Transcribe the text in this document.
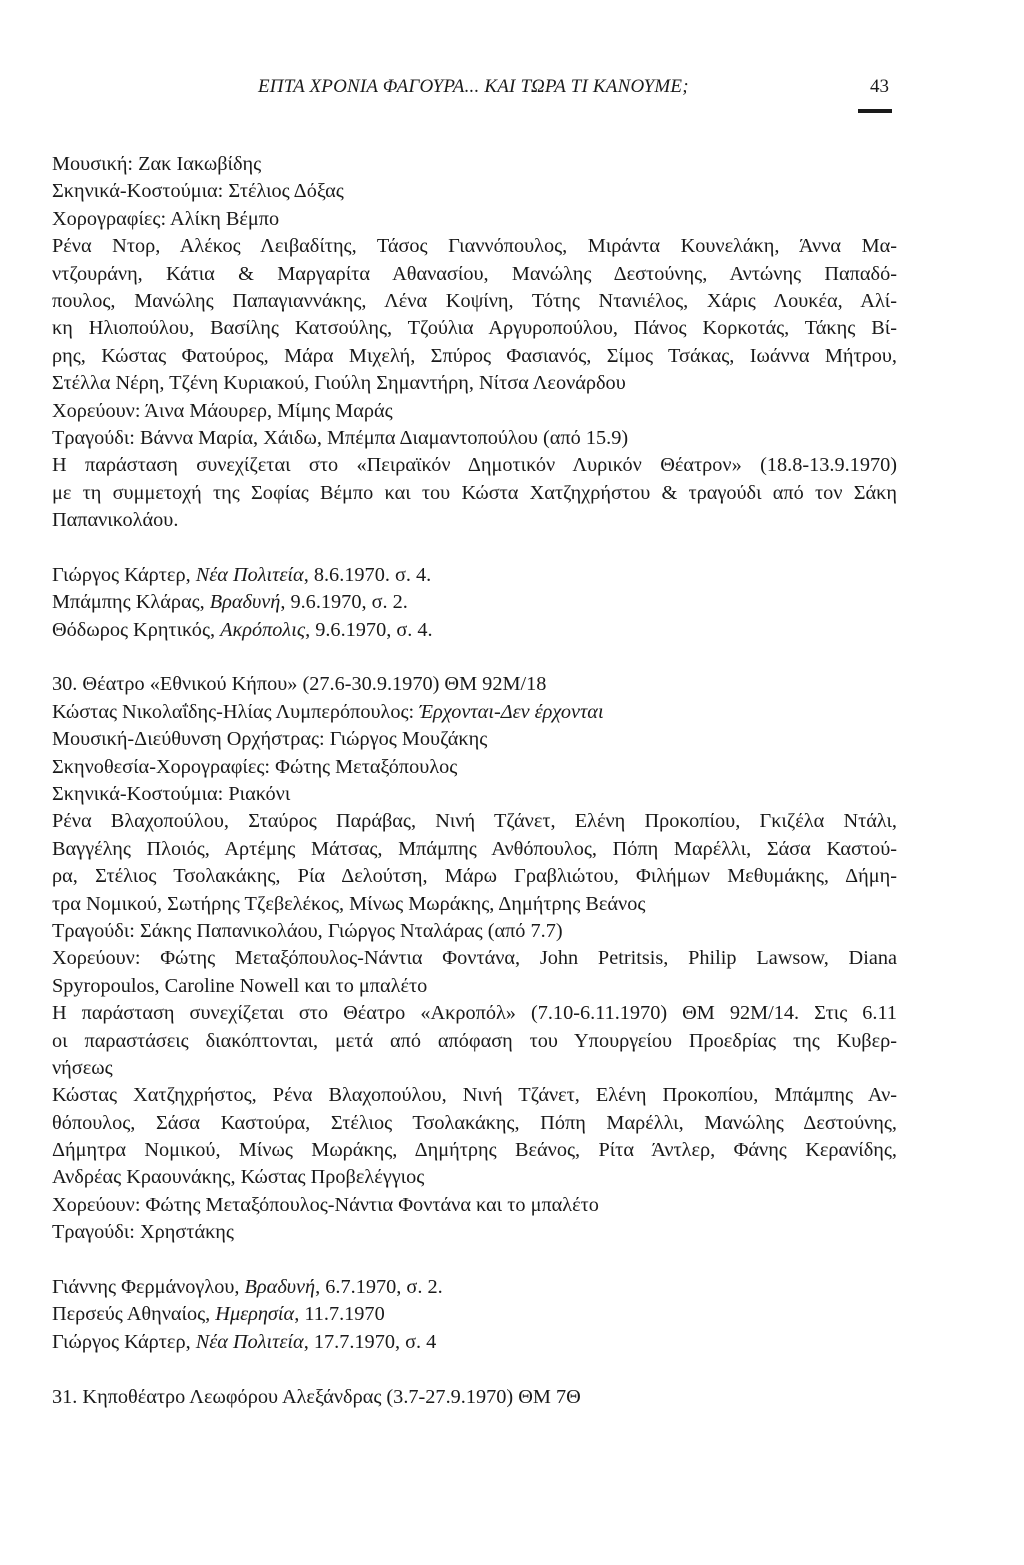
ΕΠΤΑ ΧΡΟΝΙΑ ΦΑΓΟΥΡΑ... ΚΑΙ ΤΩΡΑ ΤΙ ΚΑΝΟΥΜΕ;	43
Μουσική: Ζακ Ιακωβίδης
Σκηνικά-Κοστούμια: Στέλιος Δόξας
Χορογραφίες: Αλίκη Βέμπο
Ρένα Ντορ, Αλέκος Λειβαδίτης, Τάσος Γιαννόπουλος, Μιράντα Κουνελάκη, Άννα Μα-
ντζουράνη, Κάτια & Μαργαρίτα Αθανασίου, Μανώλης Δεστούνης, Αντώνης Παπαδό-
πουλος, Μανώλης Παπαγιαννάκης, Λένα Κοψίνη, Τότης Ντανιέλος, Χάρις Λουκέα, Αλί-
κη Ηλιοπούλου, Βασίλης Κατσούλης, Τζούλια Αργυροπούλου, Πάνος Κορκοτάς, Τάκης Βί-
ρης, Κώστας Φατούρος, Μάρα Μιχελή, Σπύρος Φασιανός, Σίμος Τσάκας, Ιωάννα Μήτρου,
Στέλλα Νέρη, Τζένη Κυριακού, Γιούλη Σημαντήρη, Νίτσα Λεονάρδου
Χορεύουν: Άινα Μάουρερ, Μίμης Μαράς
Τραγούδι: Βάννα Μαρία, Χάιδω, Μπέμπα Διαμαντοπούλου (από 15.9)
Η παράσταση συνεχίζεται στο «Πειραϊκόν Δημοτικόν Λυρικόν Θέατρον» (18.8-13.9.1970)
με τη συμμετοχή της Σοφίας Βέμπο και του Κώστα Χατζηχρήστου & τραγούδι από τον Σάκη
Παπανικολάου.
Γιώργος Κάρτερ, Νέα Πολιτεία, 8.6.1970. σ. 4.
Μπάμπης Κλάρας, Βραδυνή, 9.6.1970, σ. 2.
Θόδωρος Κρητικός, Ακρόπολις, 9.6.1970, σ. 4.
30. Θέατρο «Εθνικού Κήπου» (27.6-30.9.1970) ΘΜ 92Μ/18
Κώστας Νικολαΐδης-Ηλίας Λυμπερόπουλος: Έρχονται-Δεν έρχονται
Μουσική-Διεύθυνση Ορχήστρας: Γιώργος Μουζάκης
Σκηνοθεσία-Χορογραφίες: Φώτης Μεταξόπουλος
Σκηνικά-Κοστούμια: Ριακόνι
Ρένα Βλαχοπούλου, Σταύρος Παράβας, Νινή Τζάνετ, Ελένη Προκοπίου, Γκιζέλα Ντάλι,
Βαγγέλης Πλοιός, Αρτέμης Μάτσας, Μπάμπης Ανθόπουλος, Πόπη Μαρέλλι, Σάσα Καστού-
ρα, Στέλιος Τσολακάκης, Ρία Δελούτση, Μάρω Γραβλιώτου, Φιλήμων Μεθυμάκης, Δήμη-
τρα Νομικού, Σωτήρης Τζεβελέκος, Μίνως Μωράκης, Δημήτρης Βεάνος
Τραγούδι: Σάκης Παπανικολάου, Γιώργος Νταλάρας (από 7.7)
Χορεύουν: Φώτης Μεταξόπουλος-Νάντια Φοντάνα, John Petritsis, Philip Lawsow, Diana
Spyropoulos, Caroline Nowell και το μπαλέτο
Η παράσταση συνεχίζεται στο Θέατρο «Ακροπόλ» (7.10-6.11.1970) ΘΜ 92Μ/14. Στις 6.11
οι παραστάσεις διακόπτονται, μετά από απόφαση του Υπουργείου Προεδρίας της Κυβερ-
νήσεως
Κώστας Χατζηχρήστος, Ρένα Βλαχοπούλου, Νινή Τζάνετ, Ελένη Προκοπίου, Μπάμπης Αν-
θόπουλος, Σάσα Καστούρα, Στέλιος Τσολακάκης, Πόπη Μαρέλλι, Μανώλης Δεστούνης,
Δήμητρα Νομικού, Μίνως Μωράκης, Δημήτρης Βεάνος, Ρίτα Άντλερ, Φάνης Κερανίδης,
Ανδρέας Κραουνάκης, Κώστας Προβελέγγιος
Χορεύουν: Φώτης Μεταξόπουλος-Νάντια Φοντάνα και το μπαλέτο
Τραγούδι: Χρηστάκης
Γιάννης Φερμάνογλου, Βραδυνή, 6.7.1970, σ. 2.
Περσεύς Αθηναίος, Ημερησία, 11.7.1970
Γιώργος Κάρτερ, Νέα Πολιτεία, 17.7.1970, σ. 4
31. Κηποθέατρο Λεωφόρου Αλεξάνδρας (3.7-27.9.1970) ΘΜ 7Θ
